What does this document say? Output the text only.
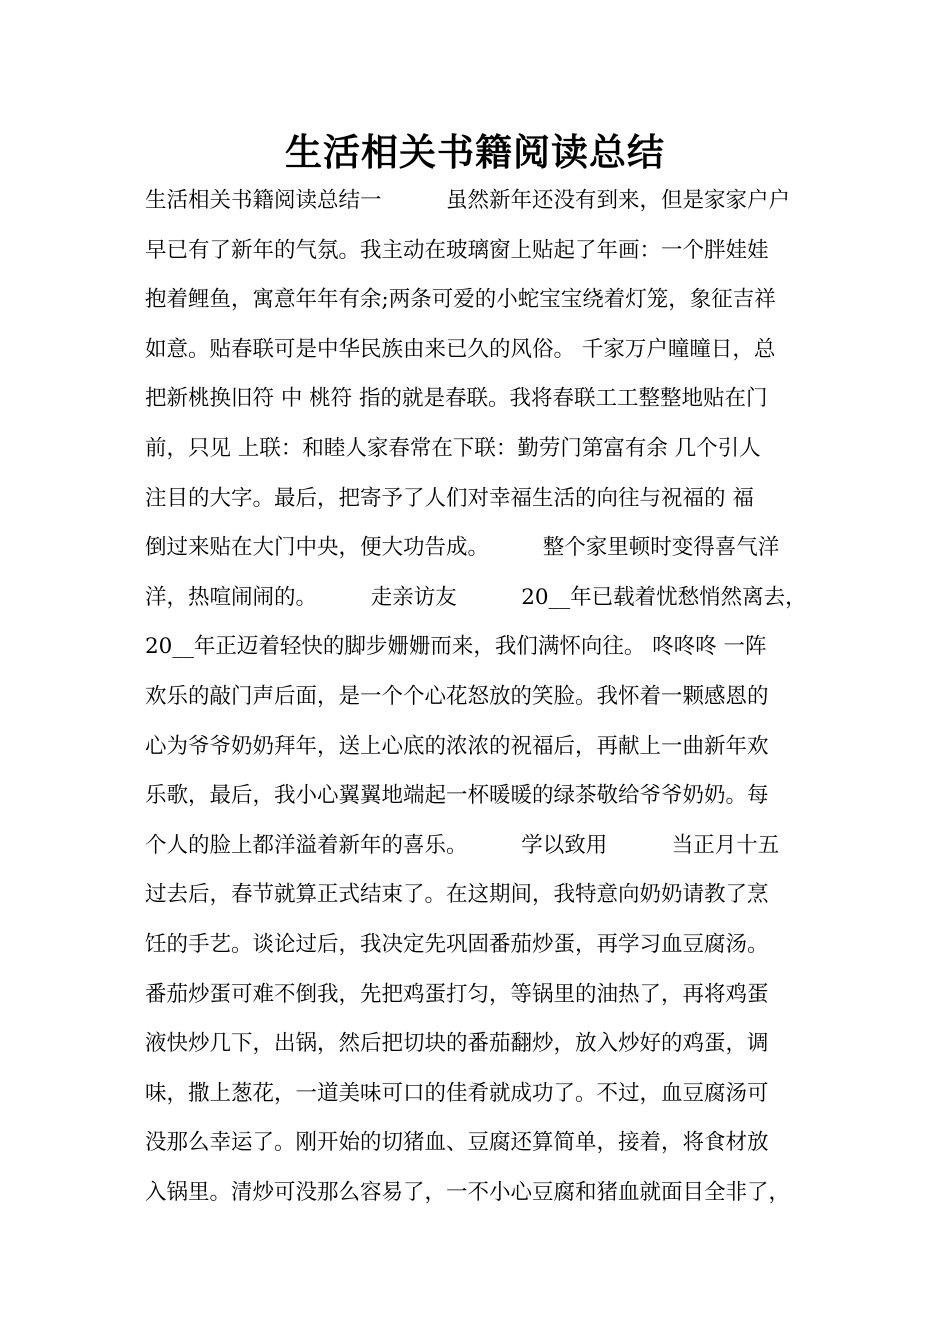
生活相关书籍阅读总结
生活相关书籍阅读总结一　　　虽然新年还没有到来，但是家家户户
早已有了新年的气氛。我主动在玻璃窗上贴起了年画：一个胖娃娃
抱着鲤鱼，寓意年年有余;两条可爱的小蛇宝宝绕着灯笼，象征吉祥
如意。贴春联可是中华民族由来已久的风俗。 千家万户曈曈日，总
把新桃换旧符 中 桃符 指的就是春联。我将春联工工整整地贴在门
前，只见 上联：和睦人家春常在下联：勤劳门第富有余 几个引人
注目的大字。最后，把寄予了人们对幸福生活的向往与祝福的 福
倒过来贴在大门中央，便大功告成。　　　整个家里顿时变得喜气洋
洋，热喧闹闹的。　　　走亲访友　　　20__年已载着忧愁悄然离去，
20__年正迈着轻快的脚步姗姗而来，我们满怀向往。 咚咚咚 一阵
欢乐的敲门声后面，是一个个心花怒放的笑脸。我怀着一颗感恩的
心为爷爷奶奶拜年，送上心底的浓浓的祝福后，再献上一曲新年欢
乐歌，最后，我小心翼翼地端起一杯暖暖的绿茶敬给爷爷奶奶。每
个人的脸上都洋溢着新年的喜乐。　　　学以致用　　　当正月十五
过去后，春节就算正式结束了。在这期间，我特意向奶奶请教了烹
饪的手艺。谈论过后，我决定先巩固番茄炒蛋，再学习血豆腐汤。
番茄炒蛋可难不倒我，先把鸡蛋打匀，等锅里的油热了，再将鸡蛋
液快炒几下，出锅，然后把切块的番茄翻炒，放入炒好的鸡蛋，调
味，撒上葱花，一道美味可口的佳肴就成功了。不过，血豆腐汤可
没那么幸运了。刚开始的切猪血、豆腐还算简单，接着，将食材放
入锅里。清炒可没那么容易了，一不小心豆腐和猪血就面目全非了，
